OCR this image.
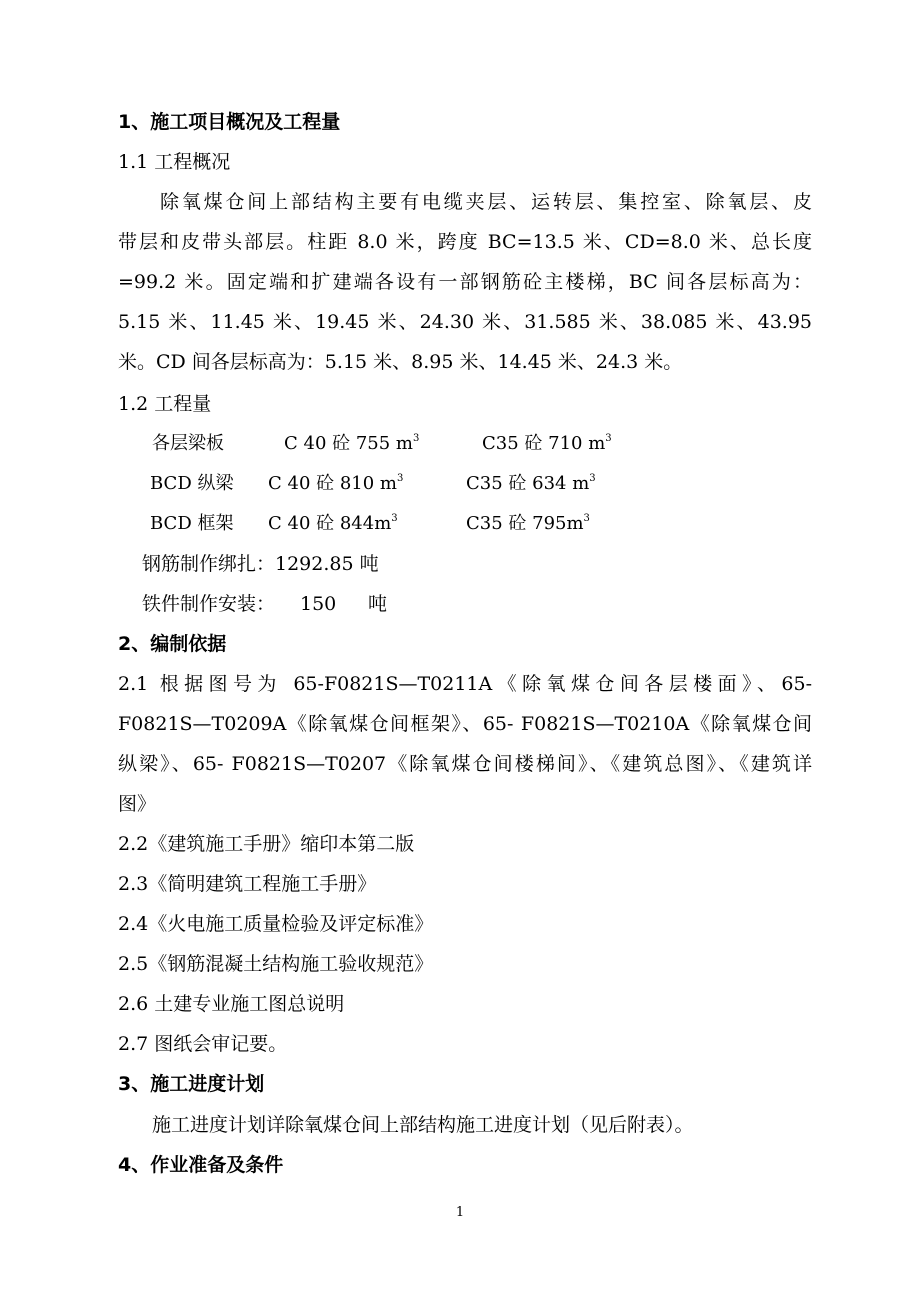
1、施工项目概况及工程量
1.1 工程概况
除氧煤仓间上部结构主要有电缆夹层、运转层、集控室、除氧层、皮
带层和皮带头部层。柱距 8.0 米，跨度 BC=13.5 米、CD=8.0 米、总长度
=99.2 米。固定端和扩建端各设有一部钢筋砼主楼梯，BC 间各层标高为：
5.15 米、11.45 米、19.45 米、24.30 米、31.585 米、38.085 米、43.95
米。CD 间各层标高为：5.15 米、8.95 米、14.45 米、24.3 米。
1.2 工程量
各层梁板	C 40 砼 755 $m^3$	C35 砼 710 $m^3$
BCD 纵梁 C 40 砼 810 $m^3$	C35 砼 634 $m^3$
BCD 框架 C 40 砼 $844m^3$	C35 砼 $795m^3$
钢筋制作绑扎：1292.85 吨
铁件制作安装： 150 吨
2、编制依据
2.1 根据图号为 65-F0821S—T0211A《除氧煤仓间各层楼面》、65-
F0821S—T0209A《除氧煤仓间框架》、65- F0821S—T0210A《除氧煤仓间
纵梁》、65- F0821S—T0207《除氧煤仓间楼梯间》、《建筑总图》、《建筑详
图》
2.2《建筑施工手册》缩印本第二版
2.3《简明建筑工程施工手册》
2.4《火电施工质量检验及评定标准》
2.5《钢筋混凝土结构施工验收规范》
2.6 土建专业施工图总说明
2.7 图纸会审记要。
3、施工进度计划
施工进度计划详除氧煤仓间上部结构施工进度计划（见后附表）。
4、作业准备及条件
1
